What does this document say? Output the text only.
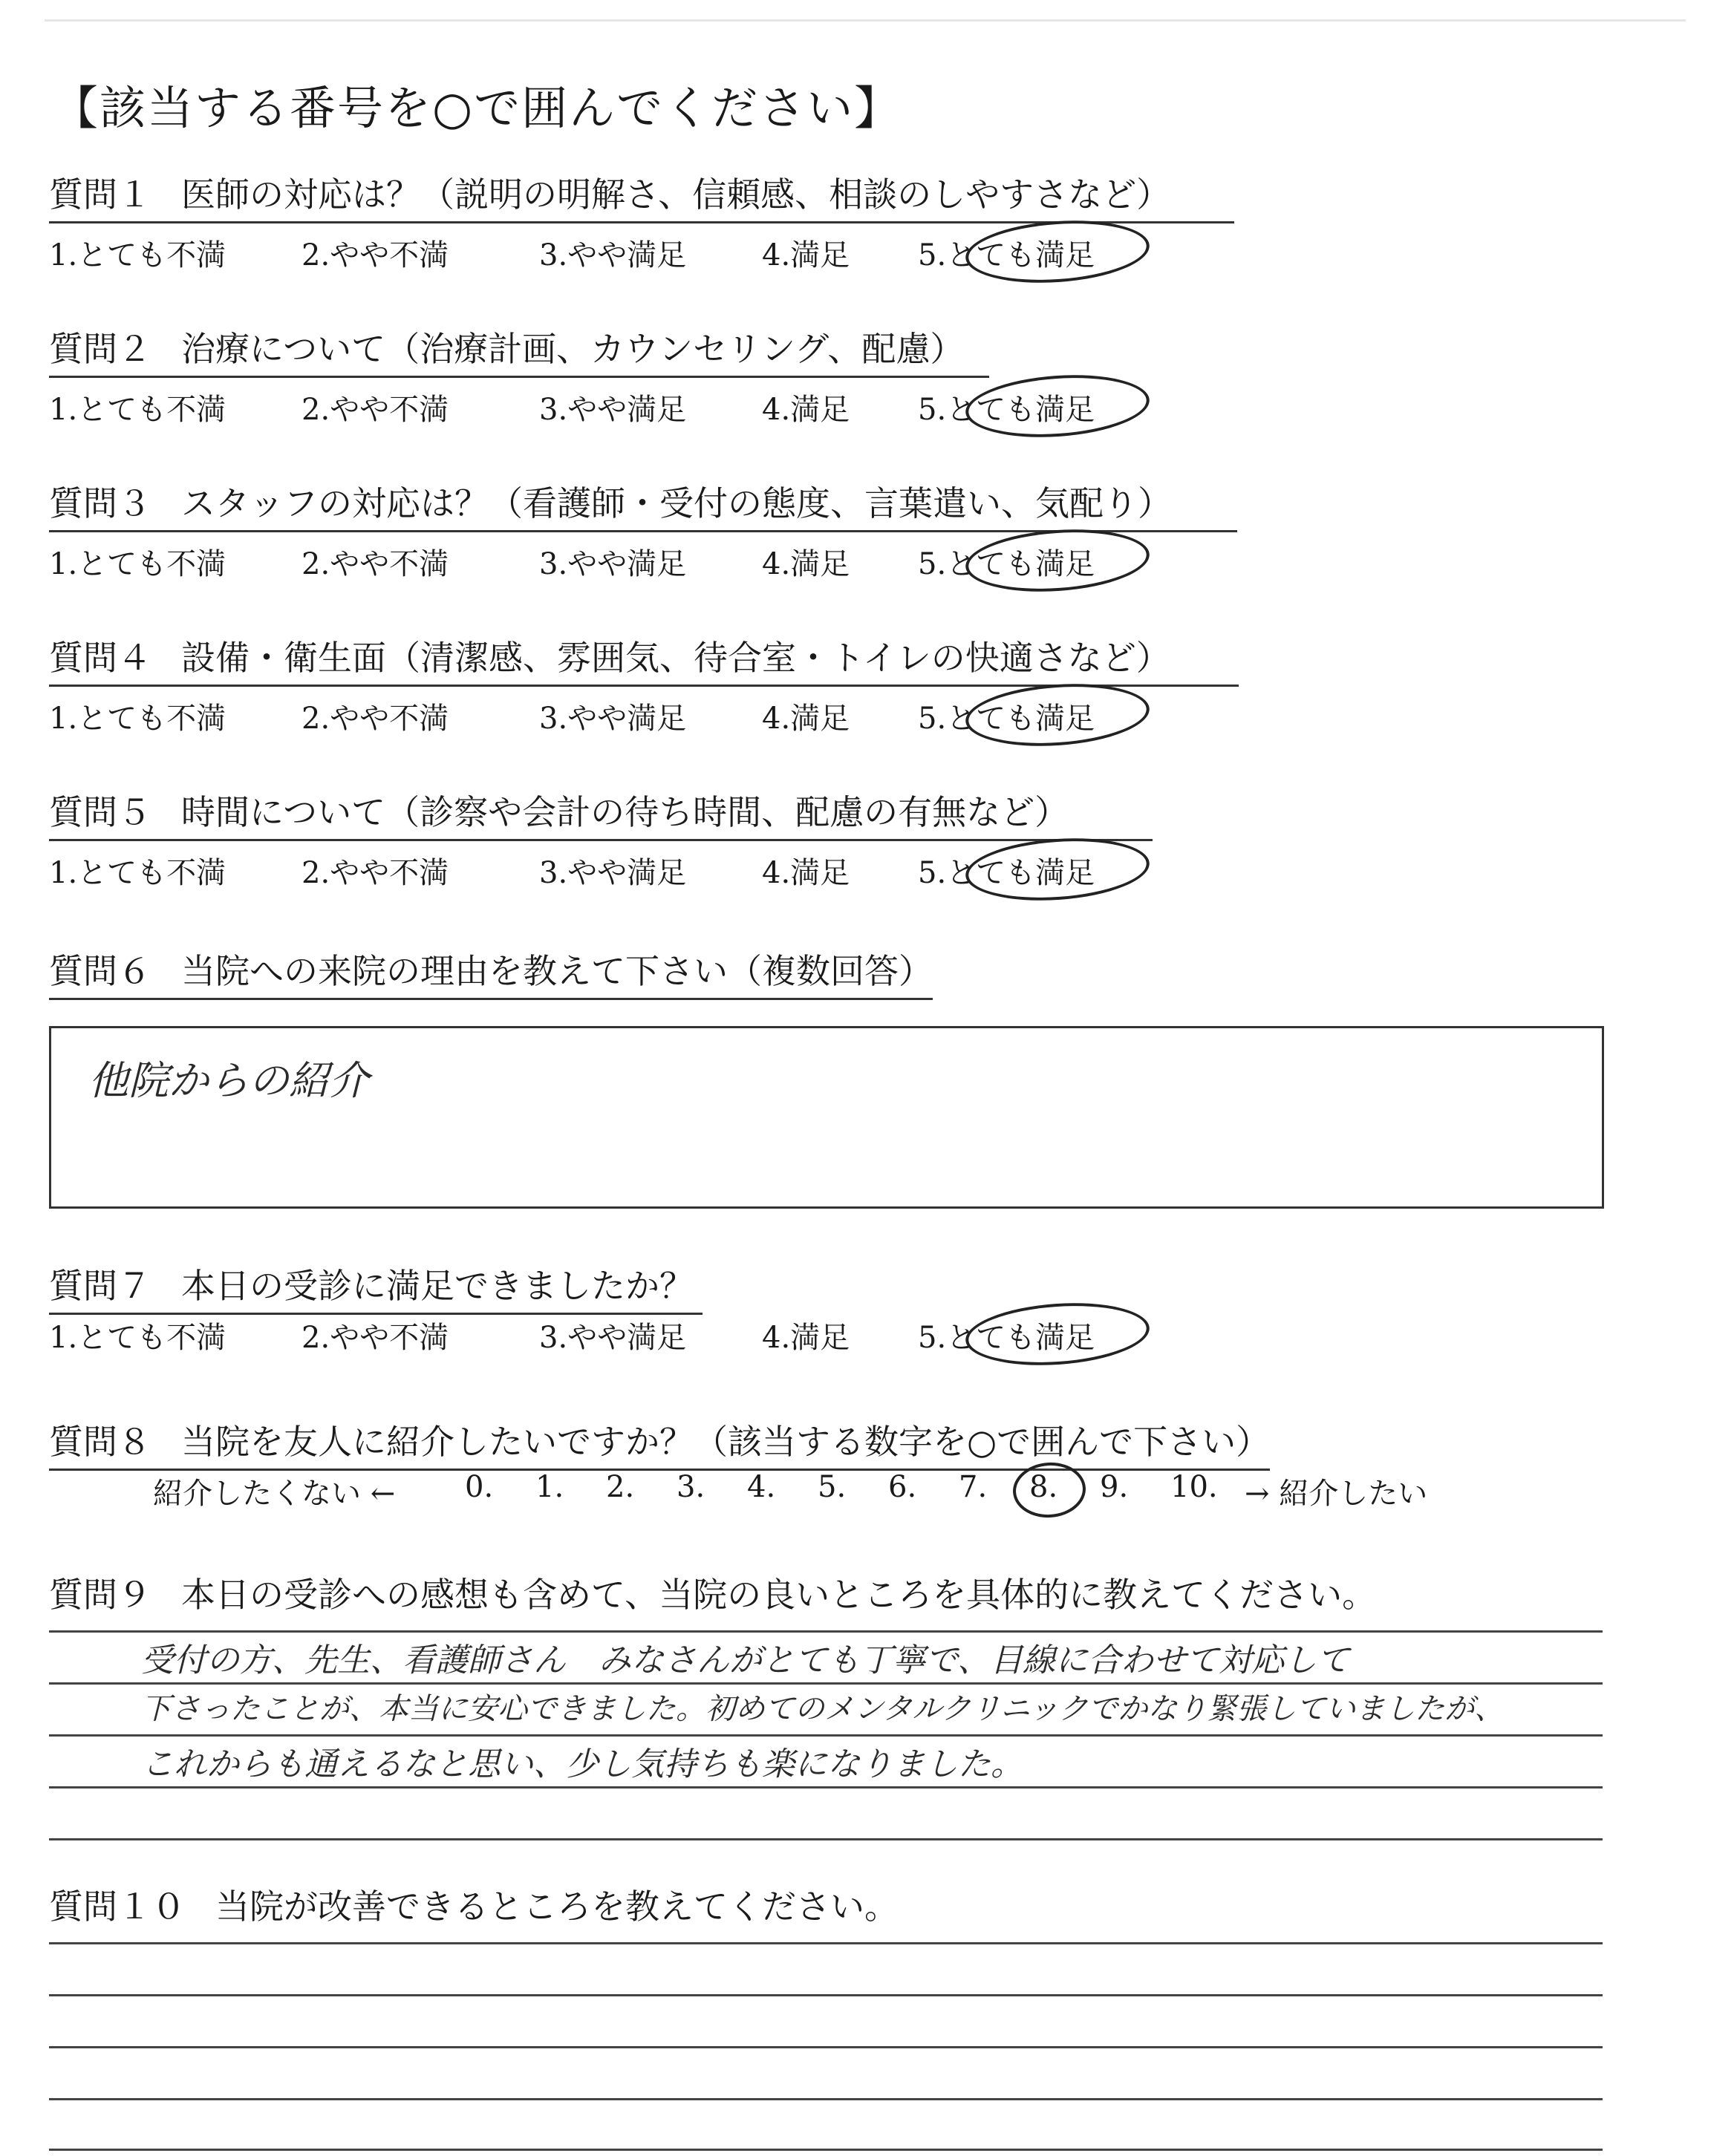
【該当する番号を○で囲んでください】
質問１ 医師の対応は？（説明の明解さ、信頼感、相談のしやすさなど）
1.とても不満	2.やや不満	3.やや満足	4.満足 5.とても満足
質問２ 治療について（治療計画、カウンセリング、配慮）
1.とても不満	2.やや不満	3.やや満足	4.満足 5.とても満足
質問３ スタッフの対応は？（看護師・受付の態度、言葉遣い、気配り）
1.とても不満	2.やや不満	3.やや満足	4.満足 5.とても満足
質問４ 設備・衛生面（清潔感、雰囲気、待合室・トイレの快適さなど）
1.とても不満	2.やや不満	3.やや満足	4.満足 5.とても満足
質問５ 時間について（診察や会計の待ち時間、配慮の有無など）
1.とても不満	2.やや不満	3.やや満足	4.満足 5.とても満足
質問６ 当院への来院の理由を教えて下さい（複数回答）
他院からの紹介
質問７ 本日の受診に満足できましたか？
1.とても不満	2.やや不満	3.やや満足	4.満足 5.とても満足
質問８ 当院を友人に紹介したいですか？（該当する数字を○で囲んで下さい）
紹介したくない ← 0. 1. 2. 3. 4. 5. 6. 7. 8. 9. 10. → 紹介したい
質問９ 本日の受診への感想も含めて、当院の良いところを具体的に教えてください。
受付の方、先生、看護師さん　みなさんがとても丁寧で、目線に合わせて対応して
下さったことが、本当に安心できました。初めてのメンタルクリニックでかなり緊張していましたが、
これからも通えるなと思い、少し気持ちも楽になりました。
質問１０ 当院が改善できるところを教えてください。
